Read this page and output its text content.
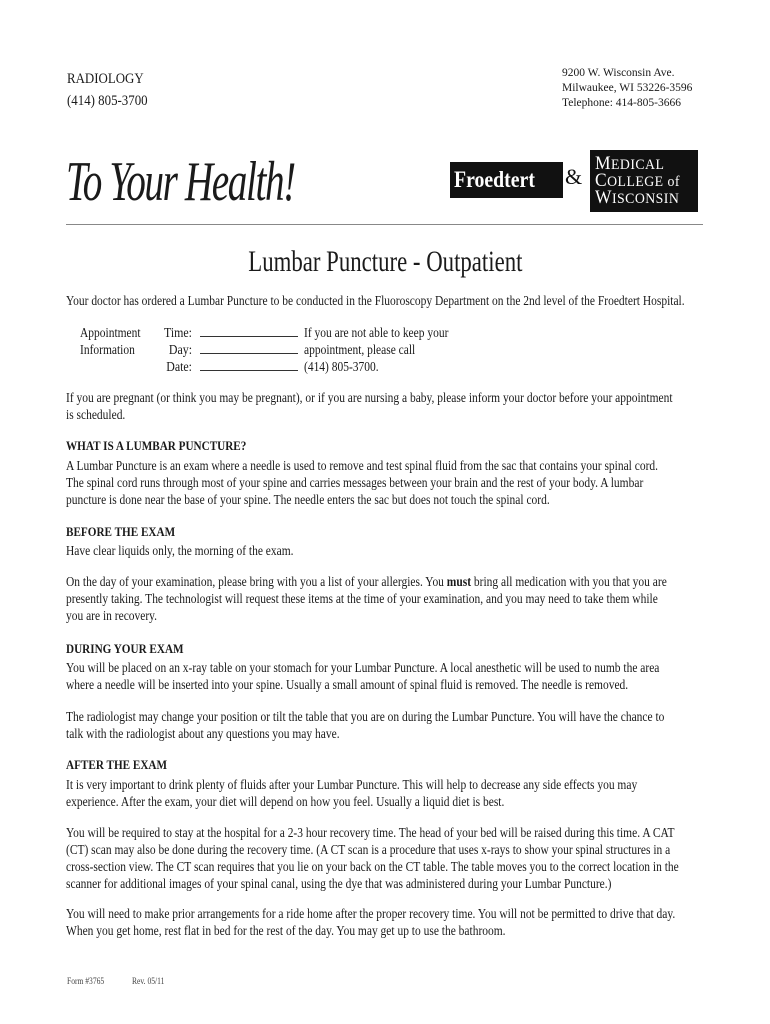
RADIOLOGY
(414) 805-3700
9200 W. Wisconsin Ave.
Milwaukee, WI 53226-3596
Telephone: 414-805-3666
To Your Health!	Froedtert &
MEDICAL
COLLEGE of
WISCONSIN
Lumbar Puncture - Outpatient
Your doctor has ordered a Lumbar Puncture to be conducted in the Fluoroscopy Department on the 2nd level of the Froedtert Hospital.
Appointment
Information
Time:
Day:
Date:
If you are not able to keep your
appointment, please call
(414) 805-3700.
If you are pregnant (or think you may be pregnant), or if you are nursing a baby, please inform your doctor before your appointment
is scheduled.
WHAT IS A LUMBAR PUNCTURE?
A Lumbar Puncture is an exam where a needle is used to remove and test spinal fluid from the sac that contains your spinal cord.
The spinal cord runs through most of your spine and carries messages between your brain and the rest of your body. A lumbar
puncture is done near the base of your spine. The needle enters the sac but does not touch the spinal cord.
BEFORE THE EXAM
Have clear liquids only, the morning of the exam.
On the day of your examination, please bring with you a list of your allergies. You must bring all medication with you that you are
presently taking. The technologist will request these items at the time of your examination, and you may need to take them while
you are in recovery.
DURING YOUR EXAM
You will be placed on an x-ray table on your stomach for your Lumbar Puncture. A local anesthetic will be used to numb the area
where a needle will be inserted into your spine. Usually a small amount of spinal fluid is removed. The needle is removed.
The radiologist may change your position or tilt the table that you are on during the Lumbar Puncture. You will have the chance to
talk with the radiologist about any questions you may have.
AFTER THE EXAM
It is very important to drink plenty of fluids after your Lumbar Puncture. This will help to decrease any side effects you may
experience. After the exam, your diet will depend on how you feel. Usually a liquid diet is best.
You will be required to stay at the hospital for a 2-3 hour recovery time. The head of your bed will be raised during this time. A CAT
(CT) scan may also be done during the recovery time. (A CT scan is a procedure that uses x-rays to show your spinal structures in a
cross-section view. The CT scan requires that you lie on your back on the CT table. The table moves you to the correct location in the
scanner for additional images of your spinal canal, using the dye that was administered during your Lumbar Puncture.)
You will need to make prior arrangements for a ride home after the proper recovery time. You will not be permitted to drive that day.
When you get home, rest flat in bed for the rest of the day. You may get up to use the bathroom.
Form #3765	Rev. 05/11
